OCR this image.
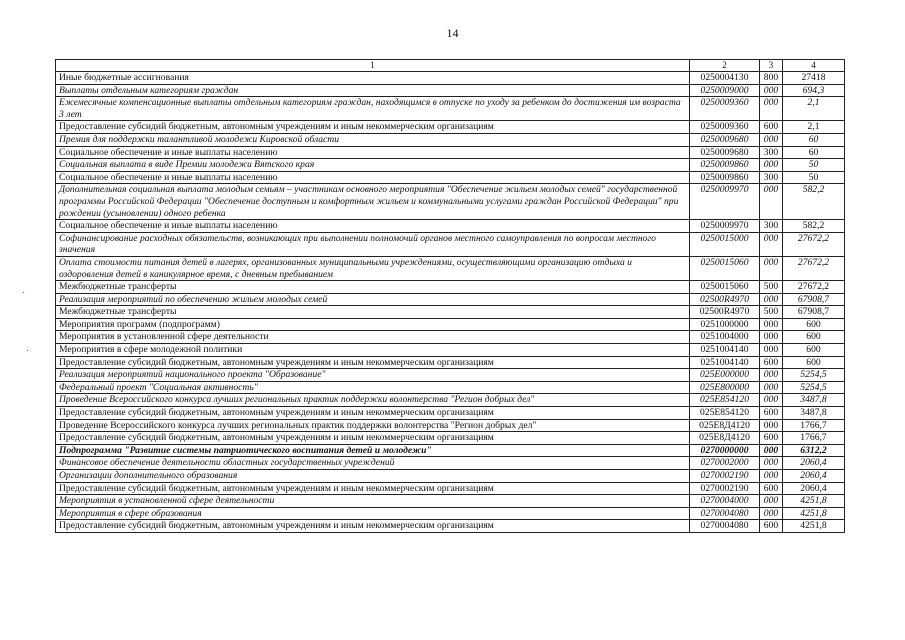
14
·
·
1	2	3	4
Иные бюджетные ассигнования	0250004130	800	27418
Выплаты отдельным категориям граждан	0250009000	000	694,3
Ежемесячные компенсационные выплаты отдельным категориям граждан, находящимся в отпуске по уходу за ребенком до достижения им возраста 3 лет	0250009360	000	2,1
Предоставление субсидий бюджетным, автономным учреждениям и иным некоммерческим организациям	0250009360	600	2,1
Премия для поддержки талантливой молодежи Кировской области	0250009680	000	60
Социальное обеспечение и иные выплаты населению	0250009680	300	60
Социальная выплата в виде Премии молодежи Вятского края	0250009860	000	50
Социальное обеспечение и иные выплаты населению	0250009860	300	50
Дополнительная социальная выплата молодым семьям – участникам основного мероприятия "Обеспечение жильем молодых семей" государственной программы Российской Федерации "Обеспечение доступным и комфортным жильем и коммунальными услугами граждан Российской Федерации" при рождении (усыновлении) одного ребенка	0250009970	000	582,2
Социальное обеспечение и иные выплаты населению	0250009970	300	582,2
Софинансирование расходных обязательств, возникающих при выполнении полномочий органов местного самоуправления по вопросам местного значения	0250015000	000	27672,2
Оплата стоимости питания детей в лагерях, организованных муниципальными учреждениями, осуществляющими организацию отдыха и оздоровления детей в каникулярное время, с дневным пребыванием	0250015060	000	27672,2
Межбюджетные трансферты	0250015060	500	27672,2
Реализация мероприятий по обеспечению жильем молодых семей	02500R4970	000	67908,7
Межбюджетные трансферты	02500R4970	500	67908,7
Мероприятия программ (подпрограмм)	0251000000	000	600
Мероприятия в установленной сфере деятельности	0251004000	000	600
Мероприятия в сфере молодежной политики	0251004140	000	600
Предоставление субсидий бюджетным, автономным учреждениям и иным некоммерческим организациям	0251004140	600	600
Реализация мероприятий национального проекта "Образование"	025E000000	000	5254,5
Федеральный проект "Социальная активность"	025E800000	000	5254,5
Проведение Всероссийского конкурса лучших региональных практик поддержки волонтерства "Регион добрых дел"	025E854120	000	3487,8
Предоставление субсидий бюджетным, автономным учреждениям и иным некоммерческим организациям	025E854120	600	3487,8
Проведение Всероссийского конкурса лучших региональных практик поддержки волонтерства "Регион добрых дел"	025E8Д4120	000	1766,7
Предоставление субсидий бюджетным, автономным учреждениям и иным некоммерческим организациям	025E8Д4120	600	1766,7
Подпрограмма "Развитие системы патриотического воспитания детей и молодежи"	0270000000	000	6312,2
Финансовое обеспечение деятельности областных государственных учреждений	0270002000	000	2060,4
Организации дополнительного образования	0270002190	000	2060,4
Предоставление субсидий бюджетным, автономным учреждениям и иным некоммерческим организациям	0270002190	600	2060,4
Мероприятия в установленной сфере деятельности	0270004000	000	4251,8
Мероприятия в сфере образования	0270004080	000	4251,8
Предоставление субсидий бюджетным, автономным учреждениям и иным некоммерческим организациям	0270004080	600	4251,8
